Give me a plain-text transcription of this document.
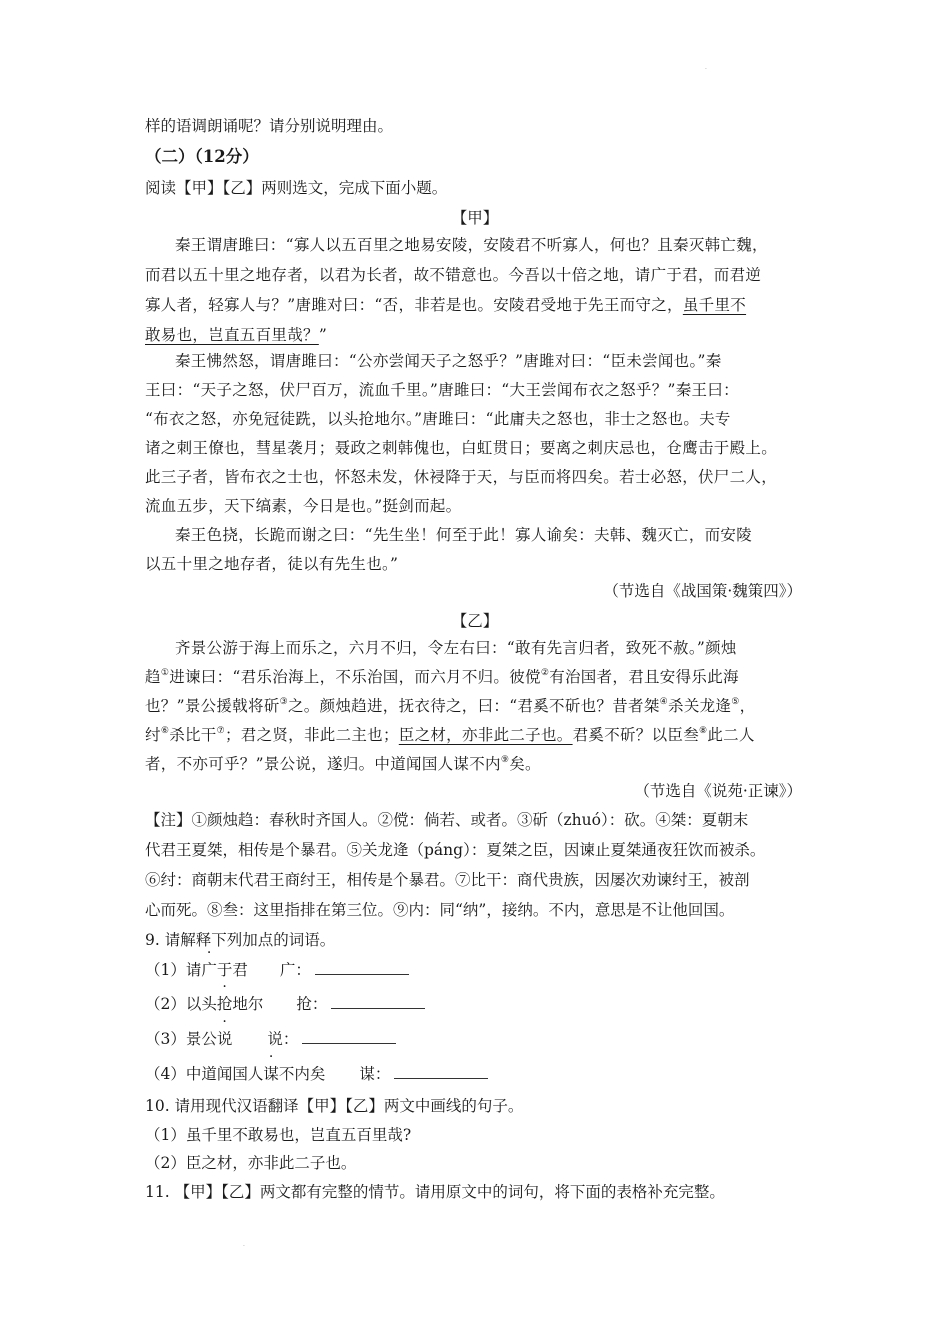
·
样的语调朗诵呢？请分别说明理由。
（二）（12分）
阅读【甲】【乙】两则选文，完成下面小题。
【甲】
秦王谓唐雎曰：“寡人以五百里之地易安陵，安陵君不听寡人，何也？且秦灭韩亡魏，
而君以五十里之地存者，以君为长者，故不错意也。今吾以十倍之地，请广于君，而君逆
寡人者，轻寡人与？”唐雎对曰：“否，非若是也。安陵君受地于先王而守之，虽千里不
敢易也，岂直五百里哉？”
秦王怫然怒，谓唐雎曰：“公亦尝闻天子之怒乎？”唐雎对曰：“臣未尝闻也。”秦
王曰：“天子之怒，伏尸百万，流血千里。”唐雎曰：“大王尝闻布衣之怒乎？”秦王曰：
“布衣之怒，亦免冠徒跣，以头抢地尔。”唐雎曰：“此庸夫之怒也，非士之怒也。夫专
诸之刺王僚也，彗星袭月；聂政之刺韩傀也，白虹贯日；要离之刺庆忌也，仓鹰击于殿上。
此三子者，皆布衣之士也，怀怒未发，休祲降于天，与臣而将四矣。若士必怒，伏尸二人，
流血五步，天下缟素，今日是也。”挺剑而起。
秦王色挠，长跪而谢之曰：“先生坐！何至于此！寡人谕矣：夫韩、魏灭亡，而安陵
以五十里之地存者，徒以有先生也。”
（节选自《战国策·魏策四》）
【乙】
齐景公游于海上而乐之，六月不归，令左右曰：“敢有先言归者，致死不赦。”颜烛
趋①进谏曰：“君乐治海上，不乐治国，而六月不归。彼傥②有治国者，君且安得乐此海
也？”景公援戟将斫③之。颜烛趋进，抚衣待之，曰：“君奚不斫也？昔者桀④杀关龙逄⑤，
纣⑥杀比干⑦；君之贤，非此二主也；臣之材，亦非此二子也。君奚不斫？以臣叁⑧此二人
者，不亦可乎？”景公说，遂归。中道闻国人谋不内⑨矣。
（节选自《说苑·正谏》）
【注】①颜烛趋：春秋时齐国人。②傥：倘若、或者。③斫（zhuó）：砍。④桀：夏朝末
代君王夏桀，相传是个暴君。⑤关龙逄（páng）：夏桀之臣，因谏止夏桀通夜狂饮而被杀。
⑥纣：商朝末代君王商纣王，相传是个暴君。⑦比干：商代贵族，因屡次劝谏纣王，被剖
心而死。⑧叁：这里指排在第三位。⑨内：同“纳”，接纳。不内，意思是不让他回国。
9. 请解释下列加点的词语。
（1）请广于君 广：
（2）以头抢地尔 抢：
（3）景公说 说：
（4）中道闻国人谋不内矣 谋：
10. 请用现代汉语翻译【甲】【乙】两文中画线的句子。
（1）虽千里不敢易也，岂直五百里哉?
（2）臣之材，亦非此二子也。
11. 【甲】【乙】两文都有完整的情节。请用原文中的词句，将下面的表格补充完整。
·
